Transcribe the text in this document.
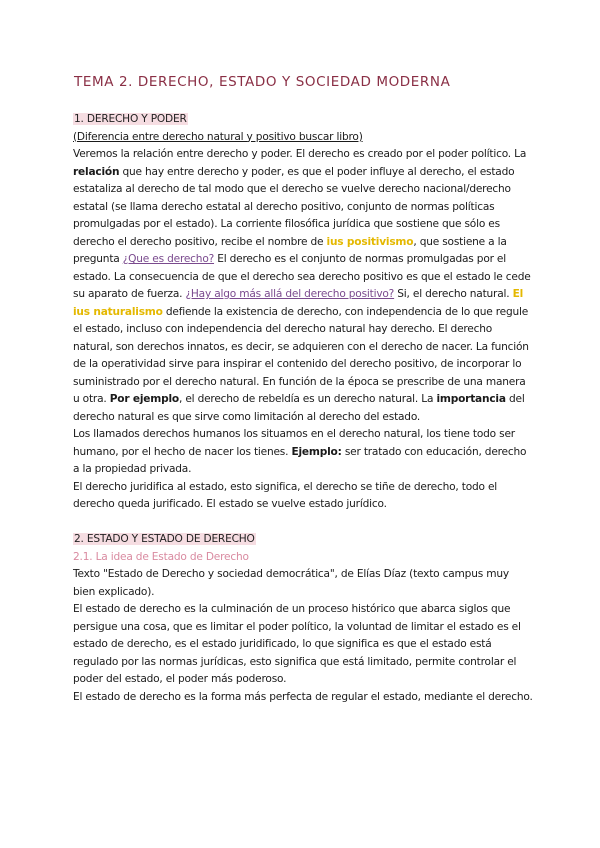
TEMA 2. DERECHO, ESTADO Y SOCIEDAD MODERNA

1. DERECHO Y PODER

(Diferencia entre derecho natural y positivo buscar libro)

Veremos la relación entre derecho y poder. El derecho es creado por el poder político. La relación que hay entre derecho y poder, es que el poder influye al derecho, el estado estataliza al derecho de tal modo que el derecho se vuelve derecho nacional/derecho estatal (se llama derecho estatal al derecho positivo, conjunto de normas políticas promulgadas por el estado). La corriente filosófica jurídica que sostiene que sólo es derecho el derecho positivo, recibe el nombre de ius positivismo, que sostiene a la pregunta ¿Que es derecho? El derecho es el conjunto de normas promulgadas por el estado. La consecuencia de que el derecho sea derecho positivo es que el estado le cede su aparato de fuerza. ¿Hay algo más allá del derecho positivo? Si, el derecho natural. El ius naturalismo defiende la existencia de derecho, con independencia de lo que regule el estado, incluso con independencia del derecho natural hay derecho. El derecho natural, son derechos innatos, es decir, se adquieren con el derecho de nacer. La función de la operatividad sirve para inspirar el contenido del derecho positivo, de incorporar lo suministrado por el derecho natural. En función de la época se prescribe de una manera u otra. Por ejemplo, el derecho de rebeldía es un derecho natural. La importancia del derecho natural es que sirve como limitación al derecho del estado.

Los llamados derechos humanos los situamos en el derecho natural, los tiene todo ser humano, por el hecho de nacer los tienes. Ejemplo: ser tratado con educación, derecho a la propiedad privada.

El derecho juridifica al estado, esto significa, el derecho se tiñe de derecho, todo el derecho queda jurificado. El estado se vuelve estado jurídico.

2. ESTADO Y ESTADO DE DERECHO

2.1. La idea de Estado de Derecho

Texto "Estado de Derecho y sociedad democrática", de Elías Díaz (texto campus muy bien explicado).

El estado de derecho es la culminación de un proceso histórico que abarca siglos que persigue una cosa, que es limitar el poder político, la voluntad de limitar el estado es el estado de derecho, es el estado juridificado, lo que significa es que el estado está regulado por las normas jurídicas, esto significa que está limitado, permite controlar el poder del estado, el poder más poderoso.

El estado de derecho es la forma más perfecta de regular el estado, mediante el derecho.
